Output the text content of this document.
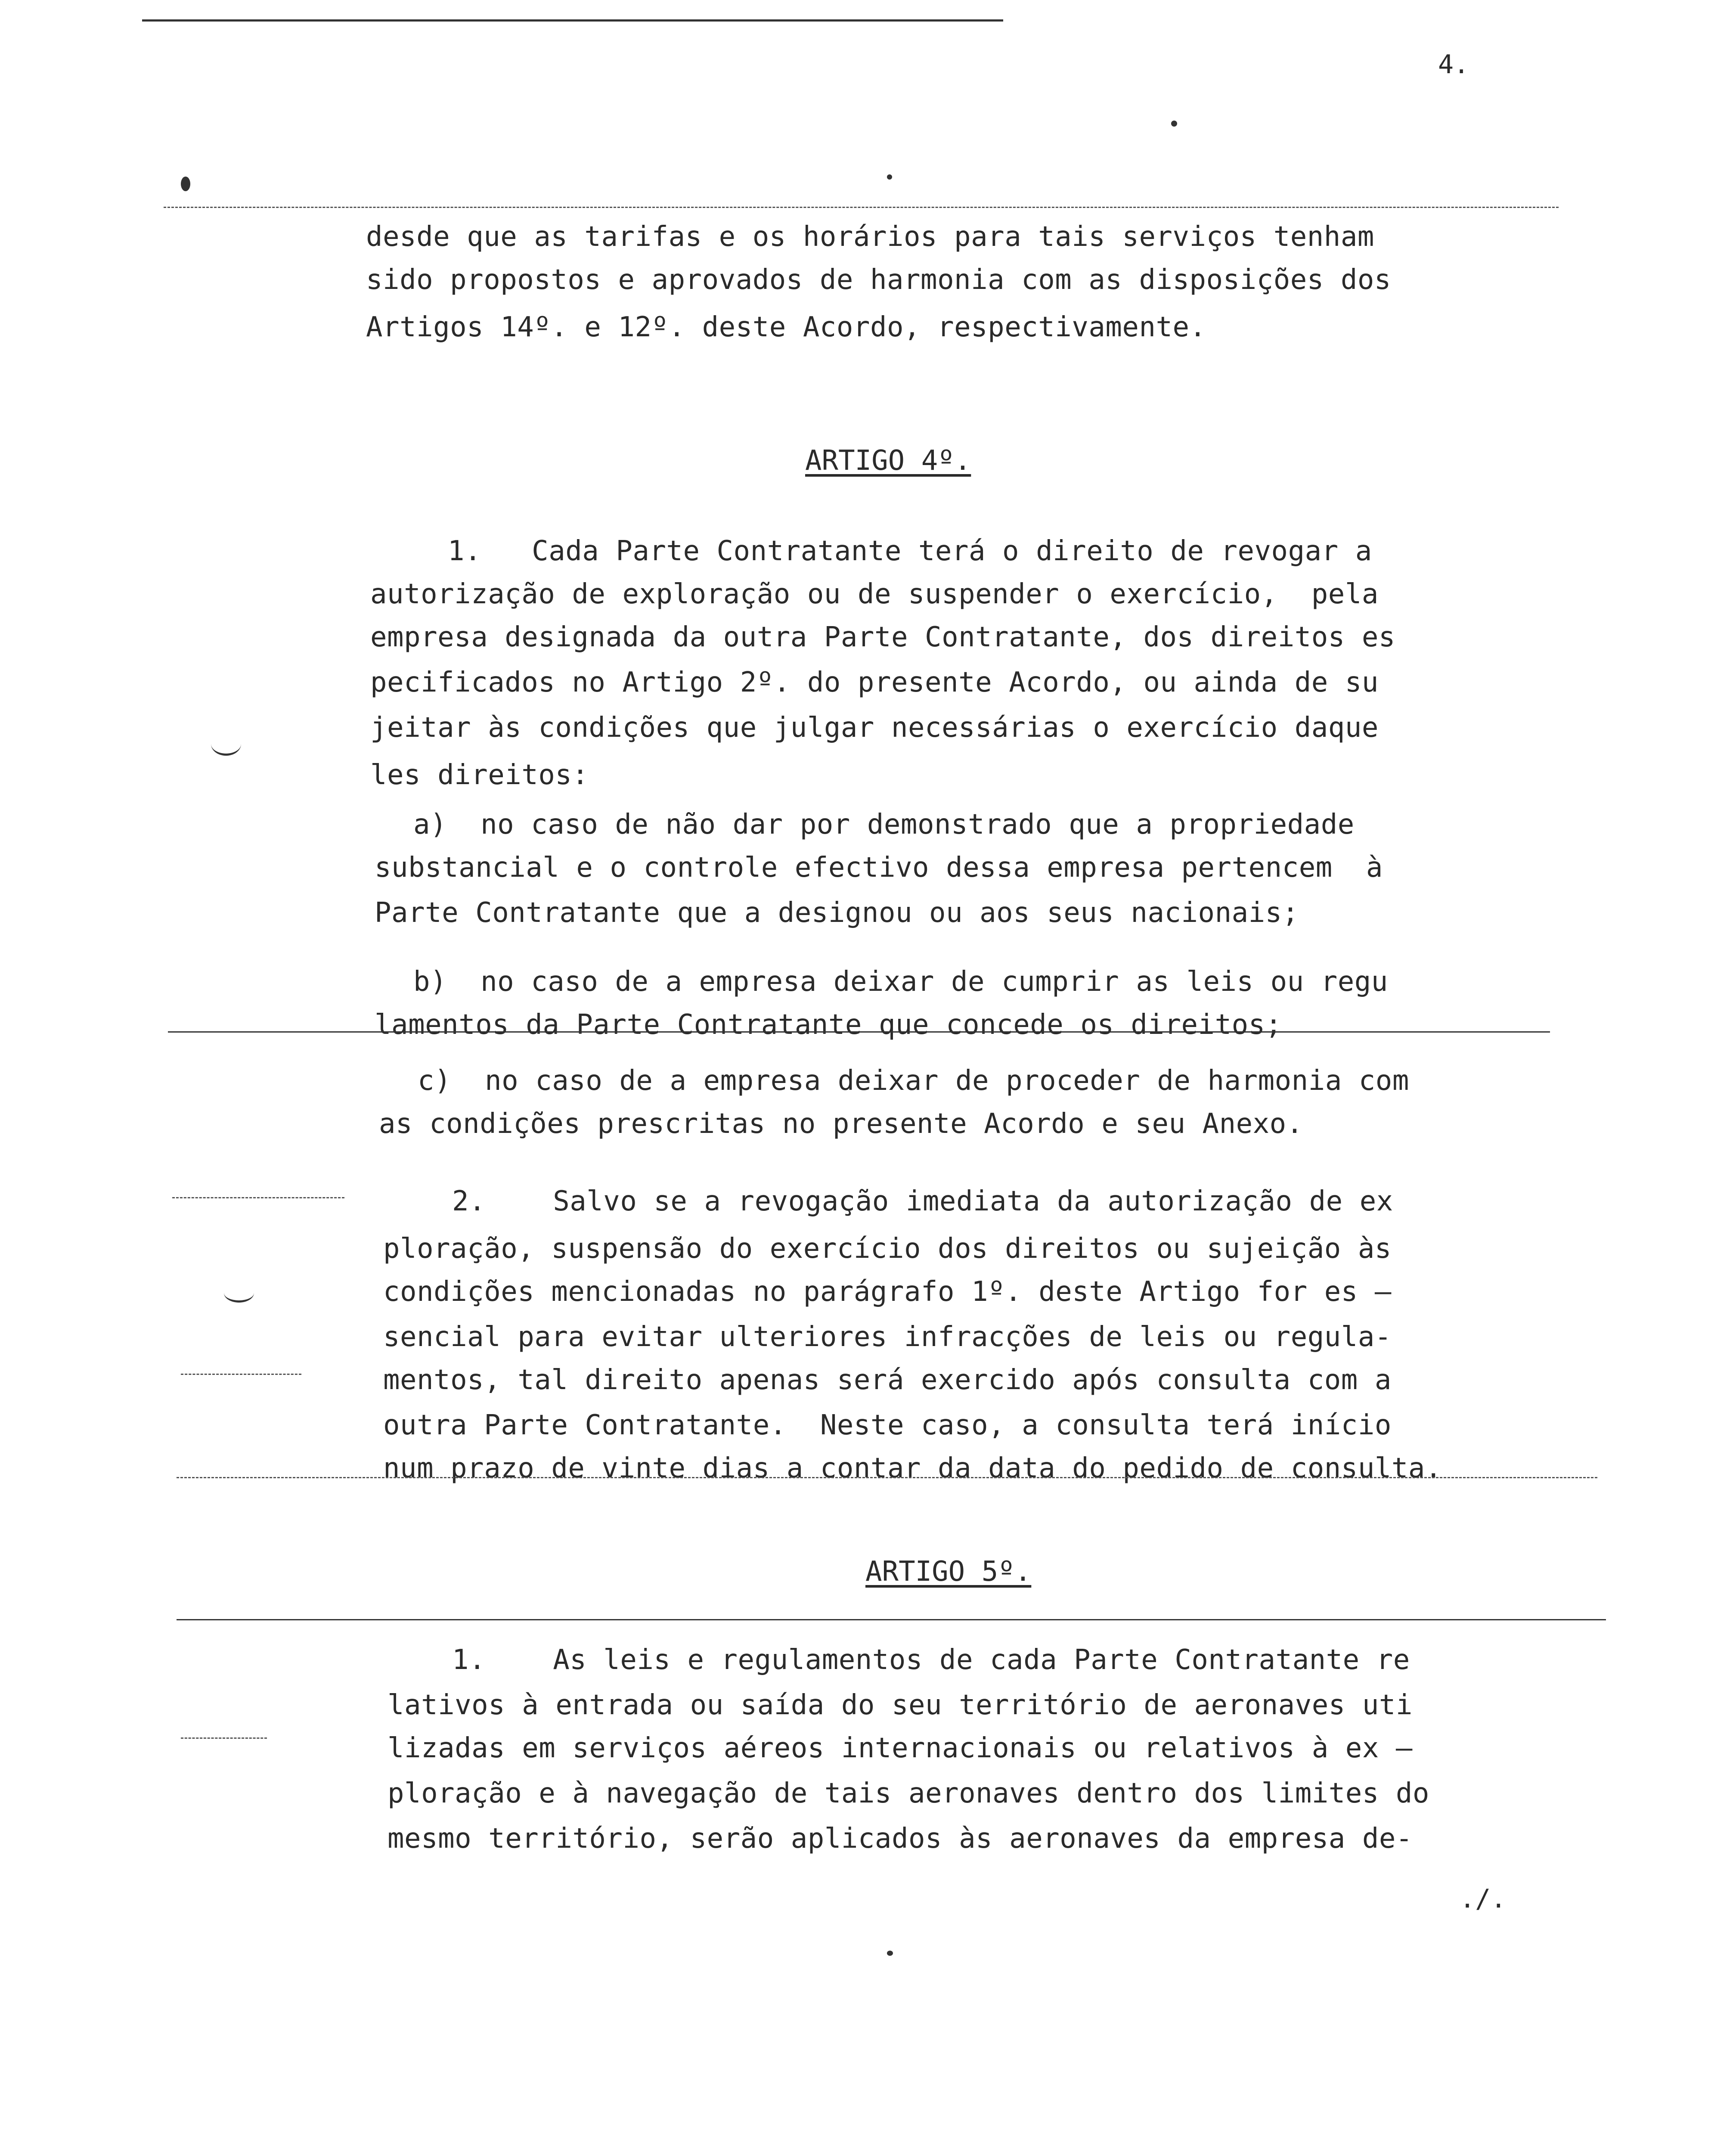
4.
./.
desde que as tarifas e os horários para tais serviços tenham
sido propostos e aprovados de harmonia com as disposições dos
Artigos 14º. e 12º. deste Acordo, respectivamente.
ARTIGO 4º.
1.   Cada Parte Contratante terá o direito de revogar a
autorização de exploração ou de suspender o exercício,  pela
empresa designada da outra Parte Contratante, dos direitos es
pecificados no Artigo 2º. do presente Acordo, ou ainda de su
jeitar às condições que julgar necessárias o exercício daque
les direitos:
a)  no caso de não dar por demonstrado que a propriedade
substancial e o controle efectivo dessa empresa pertencem  à
Parte Contratante que a designou ou aos seus nacionais;
b)  no caso de a empresa deixar de cumprir as leis ou regu
lamentos da Parte Contratante que concede os direitos;
c)  no caso de a empresa deixar de proceder de harmonia com
as condições prescritas no presente Acordo e seu Anexo.
2.    Salvo se a revogação imediata da autorização de ex
ploração, suspensão do exercício dos direitos ou sujeição às
condições mencionadas no parágrafo 1º. deste Artigo for es —
sencial para evitar ulteriores infracções de leis ou regula-
mentos, tal direito apenas será exercido após consulta com a
outra Parte Contratante.  Neste caso, a consulta terá início
num prazo de vinte dias a contar da data do pedido de consulta.
ARTIGO 5º.
1.    As leis e regulamentos de cada Parte Contratante re
lativos à entrada ou saída do seu território de aeronaves uti
lizadas em serviços aéreos internacionais ou relativos à ex —
ploração e à navegação de tais aeronaves dentro dos limites do
mesmo território, serão aplicados às aeronaves da empresa de-
